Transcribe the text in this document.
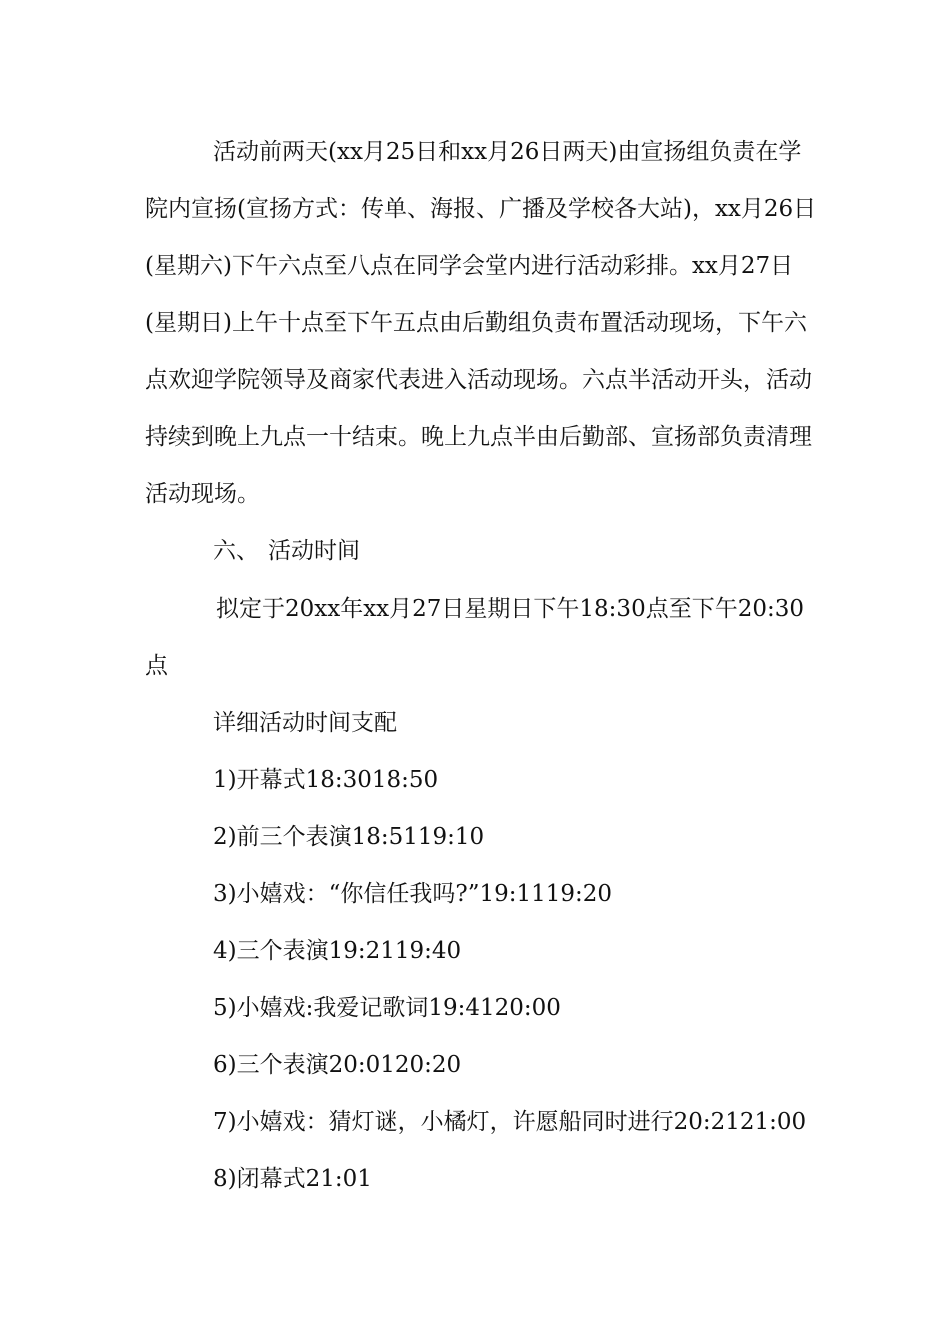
活动前两天(xx月25日和xx月26日两天)由宣扬组负责在学
院内宣扬(宣扬方式：传单、海报、广播及学校各大站)，xx月26日
(星期六)下午六点至八点在同学会堂内进行活动彩排。xx月27日
(星期日)上午十点至下午五点由后勤组负责布置活动现场，下午六
点欢迎学院领导及商家代表进入活动现场。六点半活动开头，活动
持续到晚上九点一十结束。晚上九点半由后勤部、宣扬部负责清理
活动现场。
六、 活动时间
拟定于20xx年xx月27日星期日下午18:30点至下午20:30
点
详细活动时间支配
1)开幕式18:3018:50
2)前三个表演18:5119:10
3)小嬉戏：“你信任我吗?”19:1119:20
4)三个表演19:2119:40
5)小嬉戏:我爱记歌词19:4120:00
6)三个表演20:0120:20
7)小嬉戏：猜灯谜，小橘灯，许愿船同时进行20:2121:00
8)闭幕式21:01
